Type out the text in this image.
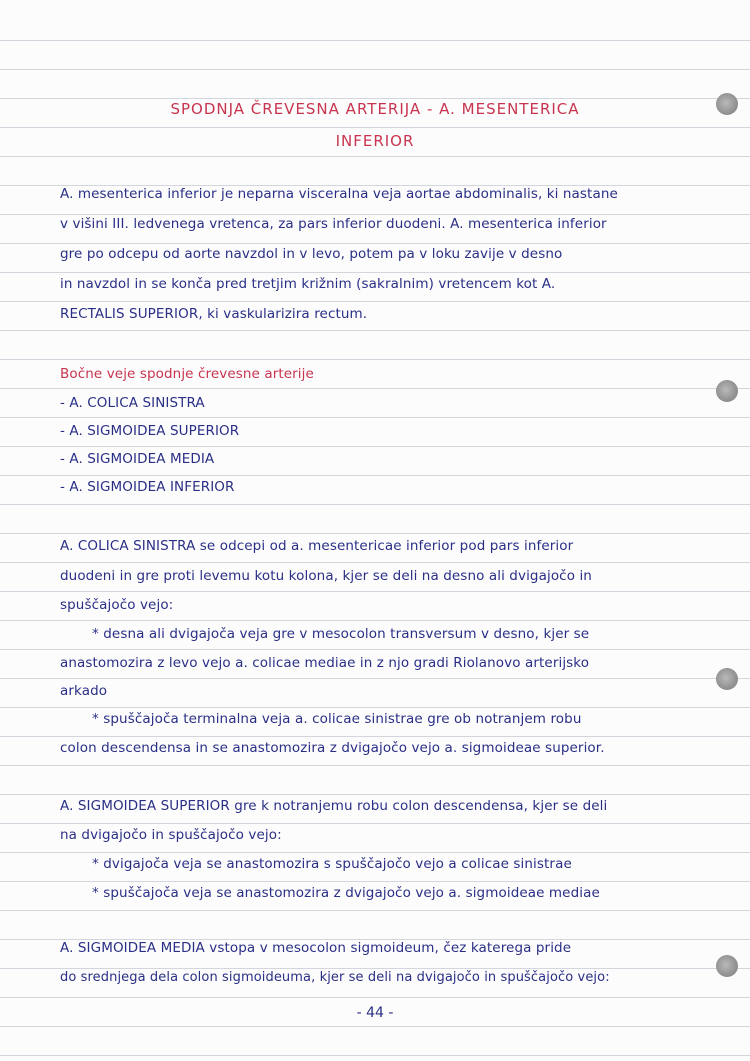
SPODNJA ČREVESNA ARTERIJA - A. MESENTERICA
INFERIOR
A. mesenterica inferior je neparna visceralna veja aortae abdominalis, ki nastane
v višini III. ledvenega vretenca, za pars inferior duodeni. A. mesenterica inferior
gre po odcepu od aorte navzdol in v levo, potem pa v loku zavije v desno
in navzdol in se konča pred tretjim križnim (sakralnim) vretencem kot A.
RECTALIS SUPERIOR, ki vaskularizira rectum.
Bočne veje spodnje črevesne arterije
- A. COLICA SINISTRA
- A. SIGMOIDEA SUPERIOR
- A. SIGMOIDEA MEDIA
- A. SIGMOIDEA INFERIOR
A. COLICA SINISTRA se odcepi od a. mesentericae inferior pod pars inferior
duodeni in gre proti levemu kotu kolona, kjer se deli na desno ali dvigajočo in
spuščajočo vejo:
* desna ali dvigajoča veja gre v mesocolon transversum v desno, kjer se
anastomozira z levo vejo a. colicae mediae in z njo gradi Riolanovo arterijsko
arkado
* spuščajoča terminalna veja a. colicae sinistrae gre ob notranjem robu
colon descendensa in se anastomozira z dvigajočo vejo a. sigmoideae superior.
A. SIGMOIDEA SUPERIOR gre k notranjemu robu colon descendensa, kjer se deli
na dvigajočo in spuščajočo vejo:
* dvigajoča veja se anastomozira s spuščajočo vejo a colicae sinistrae
* spuščajoča veja se anastomozira z dvigajočo vejo a. sigmoideae mediae
A. SIGMOIDEA MEDIA vstopa v mesocolon sigmoideum, čez katerega pride
do srednjega dela colon sigmoideuma, kjer se deli na dvigajočo in spuščajočo vejo:
- 44 -
